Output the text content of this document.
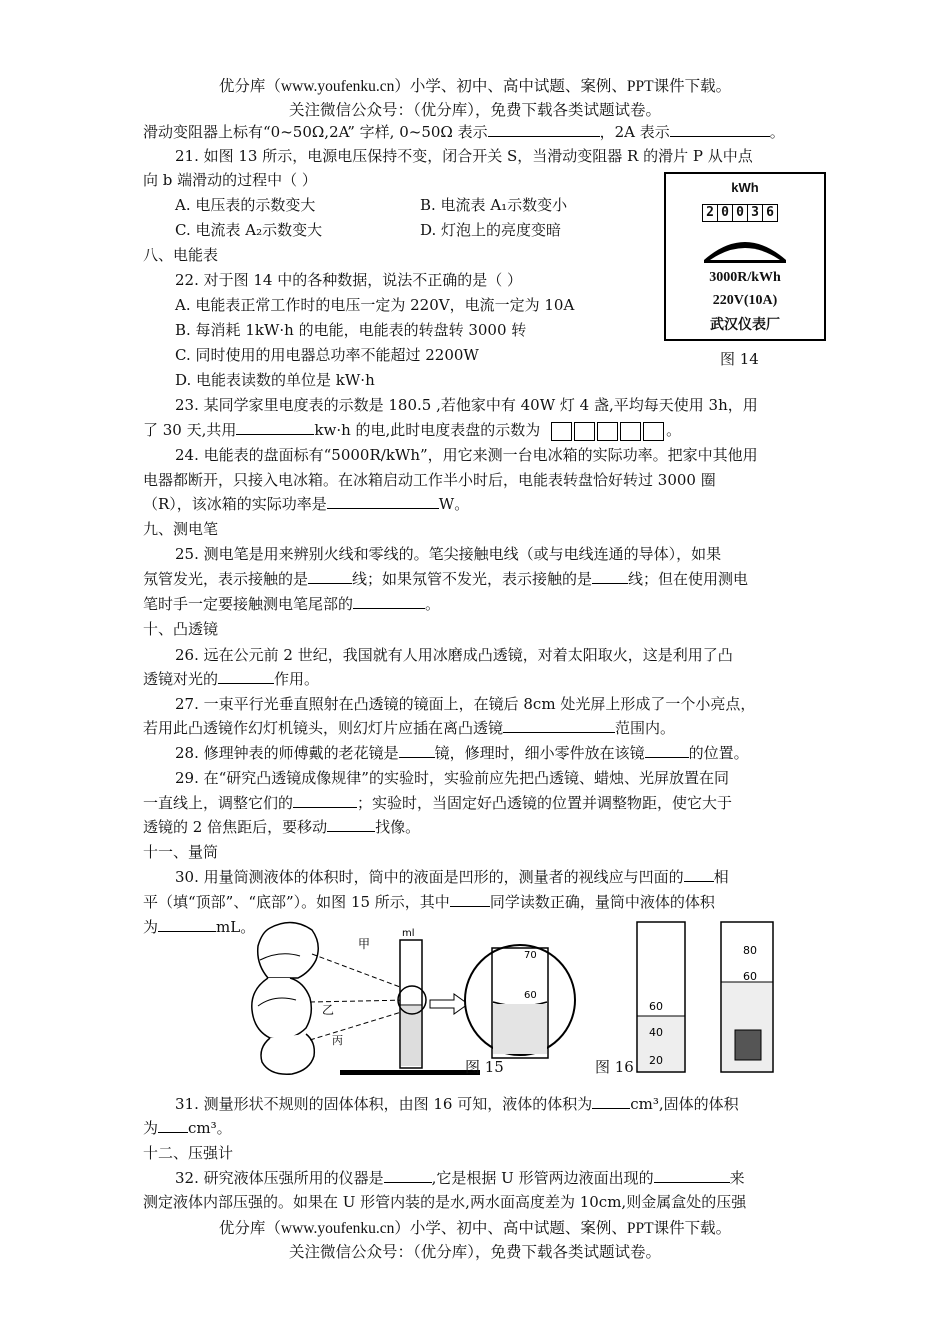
优分库（www.youfenku.cn）小学、初中、高中试题、案例、PPT课件下载。
关注微信公众号：（优分库），免费下载各类试题试卷。
滑动变阻器上标有“0~50Ω,2A” 字样, 0~50Ω 表示	，2A 表示	。
21. 如图 13 所示，电源电压保持不变，闭合开关 S，当滑动变阻器 R 的滑片 P 从中点
向 b 端滑动的过程中（ ）
A. 电压表的示数变大	B. 电流表 A₁示数变小
C. 电流表 A₂示数变大	D. 灯泡上的亮度变暗
八、电能表
22. 对于图 14 中的各种数据，说法不正确的是（ ）
A. 电能表正常工作时的电压一定为 220V，电流一定为 10A
B. 每消耗 1kW·h 的电能，电能表的转盘转 3000 转
C. 同时使用的用电器总功率不能超过 2200W
D. 电能表读数的单位是 kW·h
kWh
2 0 0 3 6
3000R/kWh
220V(10A)
武汉仪表厂
图 14
23. 某同学家里电度表的示数是 180.5 ,若他家中有 40W 灯 4 盏,平均每天使用 3h，用
了 30 天,共用	kw·h 的电,此时电度表盘的示数为	。
24. 电能表的盘面标有“5000R/kWh”，用它来测一台电冰箱的实际功率。把家中其他用
电器都断开，只接入电冰箱。在冰箱启动工作半小时后，电能表转盘恰好转过 3000 圈
（R），该冰箱的实际功率是	W。
九、测电笔
25. 测电笔是用来辨别火线和零线的。笔尖接触电线（或与电线连通的导体），如果
氖管发光，表示接触的是	线；如果氖管不发光，表示接触的是 线；但在使用测电
笔时手一定要接触测电笔尾部的	。
十、凸透镜
26. 远在公元前 2 世纪，我国就有人用冰磨成凸透镜，对着太阳取火，这是利用了凸
透镜对光的	作用。
27. 一束平行光垂直照射在凸透镜的镜面上，在镜后 8cm 处光屏上形成了一个小亮点，
若用此凸透镜作幻灯机镜头，则幻灯片应插在离凸透镜	范围内。
28. 修理钟表的师傅戴的老花镜是 镜，修理时，细小零件放在该镜	的位置。
29. 在“研究凸透镜成像规律”的实验时，实验前应先把凸透镜、蜡烛、光屏放置在同
一直线上，调整它们的	；实验时，当固定好凸透镜的位置并调整物距，使它大于
透镜的 2 倍焦距后，要移动	找像。
十一、量筒
30. 用量筒测液体的体积时，筒中的液面是凹形的，测量者的视线应与凹面的 相
平（填“顶部”、“底部”）。如图 15 所示，其中	同学读数正确，量筒中液体的体积
为	mL。
甲
乙
丙
ml
70
60
图 15
60
40
20
80
60
图 16
31. 测量形状不规则的固体体积，由图 16 可知，液体的体积为	cm³,固体的体积
为 cm³。
十二、压强计
32. 研究液体压强所用的仪器是	,它是根据 U 形管两边液面出现的	来
测定液体内部压强的。如果在 U 形管内装的是水,两水面高度差为 10cm,则金属盒处的压强
优分库（www.youfenku.cn）小学、初中、高中试题、案例、PPT课件下载。
关注微信公众号：（优分库），免费下载各类试题试卷。
